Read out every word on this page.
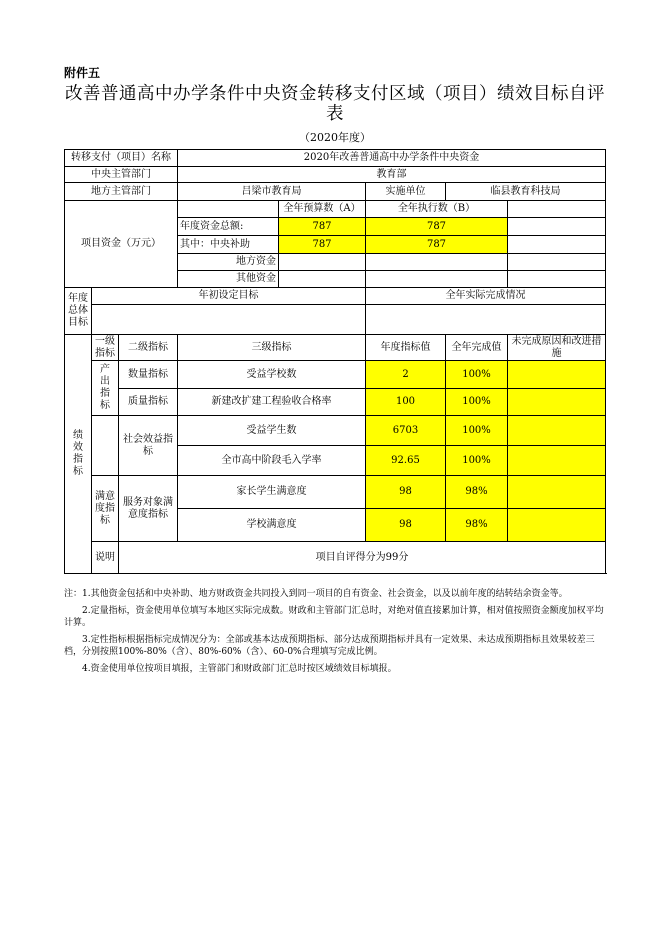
附件五
改善普通高中办学条件中央资金转移支付区域（项目）绩效目标自评表
（2020年度）
转移支付（项目）名称			2020年改善普通高中办学条件中央资金				
中央主管部门			教育部				
地方主管部门			吕梁市教育局		实施单位	临县教育科技局	
项目资金（万元）				全年预算数（A）	全年执行数（B）		
			年度资金总额:	787	787		
			其中：中央补助	787	787		
			地方资金				
			其他资金				
年度总体目标	年初设定目标				全年实际完成情况		

绩效指标	一级指标	二级指标	三级指标		年度指标值	全年完成值	未完成原因和改进措施
	产出指标	数量指标	受益学校数		2	100%	
		质量指标	新建改扩建工程验收合格率		100	100%	
		社会效益指标	受益学生数		6703	100%	
			全市高中阶段毛入学率		92.65	100%	
	满意度指标	服务对象满意度指标	家长学生满意度		98	98%	
			学校满意度		98	98%	
	说明	项目自评得分为99分					

注：1.其他资金包括和中央补助、地方财政资金共同投入到同一项目的自有资金、社会资金，以及以前年度的结转结余资金等。

2.定量指标，资金使用单位填写本地区实际完成数。财政和主管部门汇总时，对绝对值直接累加计算，相对值按照资金额度加权平均计算。

3.定性指标根据指标完成情况分为：全部或基本达成预期指标、部分达成预期指标并具有一定效果、未达成预期指标且效果较差三档，分别按照100%-80%（含）、80%-60%（含）、60-0%合理填写完成比例。

4.资金使用单位按项目填报，主管部门和财政部门汇总时按区域绩效目标填报。
